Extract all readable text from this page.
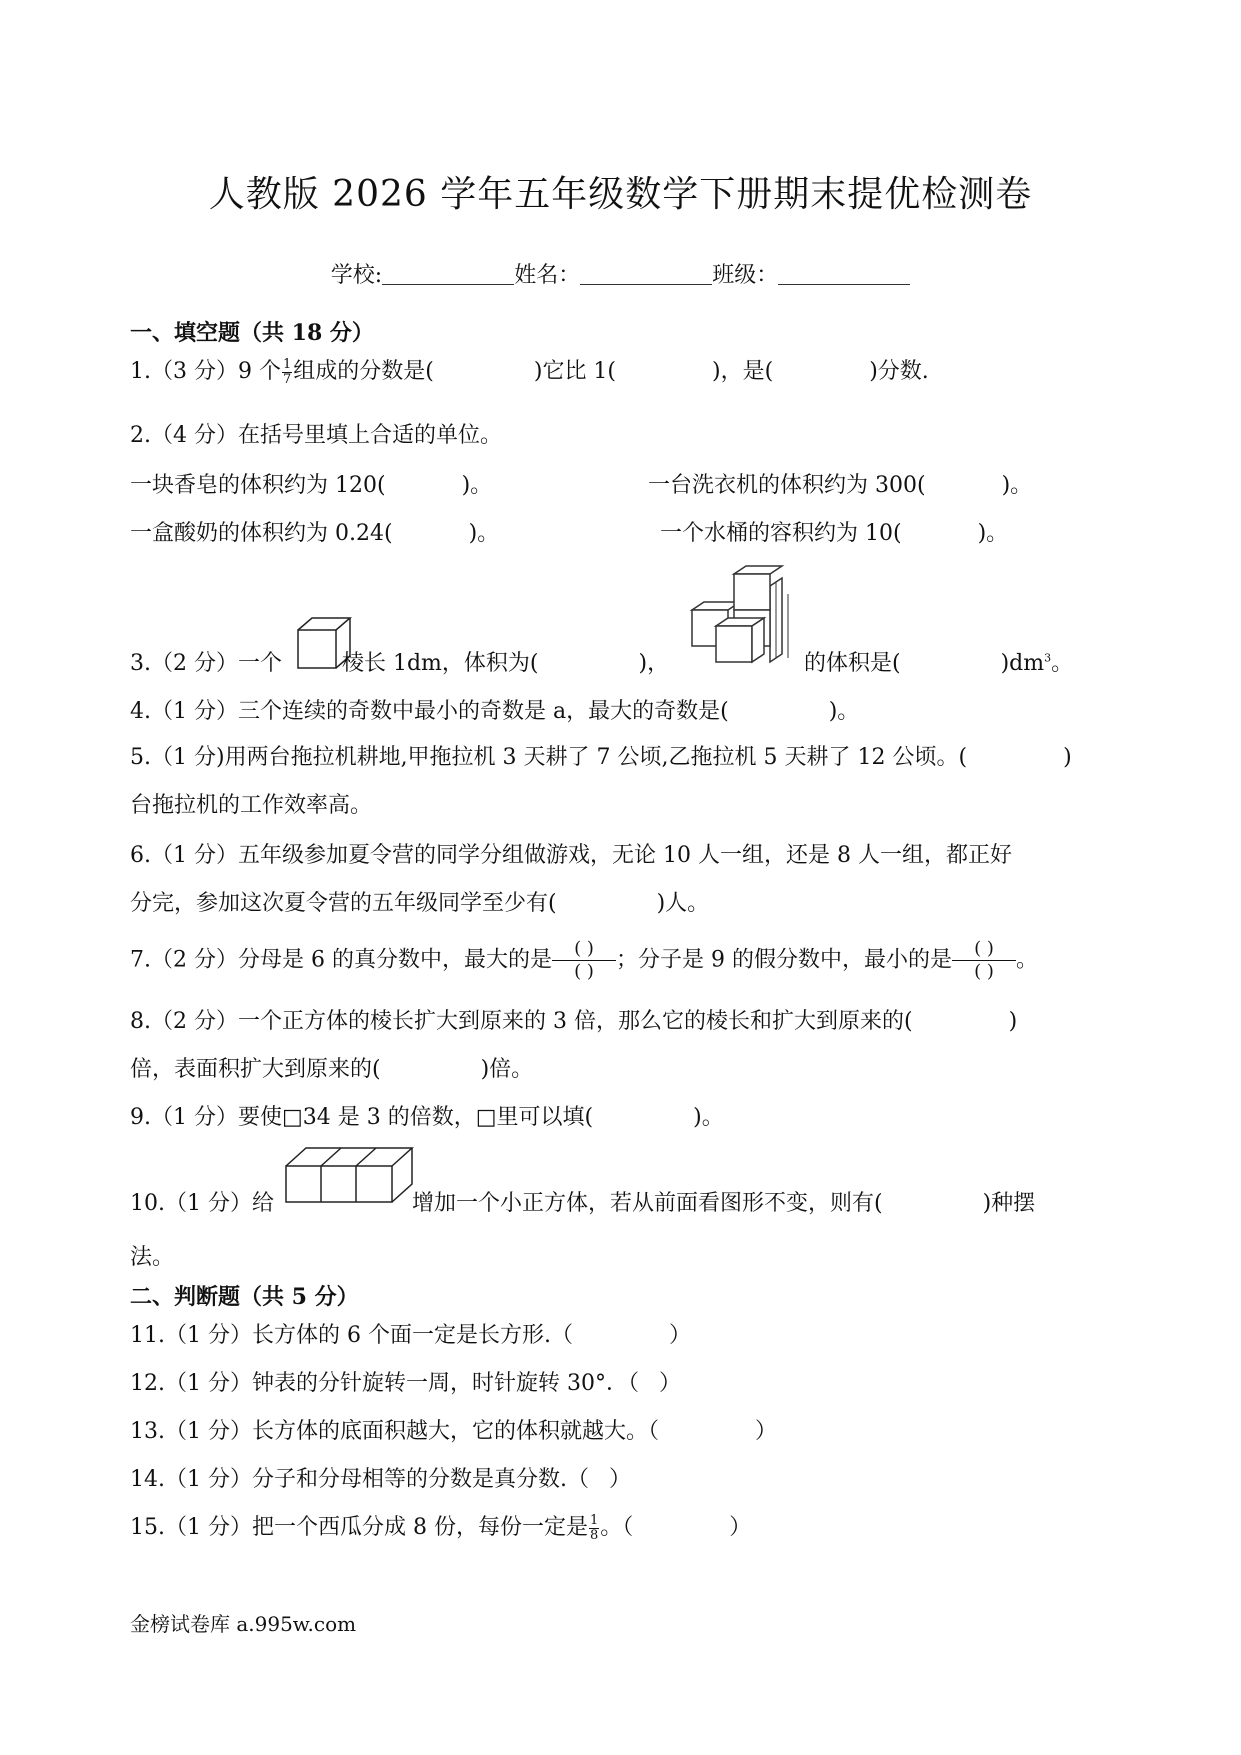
人教版 2026 学年五年级数学下册期末提优检测卷
学校:	姓名：	班级：
一、填空题（共 18 分）
1.（3 分）9 个 $\frac{1}{7}$ 组成的分数是(	)它比 1(	)，是(	)分数.
2.（4 分）在括号里填上合适的单位。
一块香皂的体积约为 120(	)。	一台洗衣机的体积约为 300(	)。
一盒酸奶的体积约为 0.24(	)。	一个水桶的容积约为 10(	)。
3.（2 分）一个	棱长 1dm，体积为(	)，	的体积是(	)$dm^3$。
4.（1 分）三个连续的奇数中最小的奇数是 a，最大的奇数是(	)。
5.（1 分)用两台拖拉机耕地,甲拖拉机 3 天耕了 7 公顷,乙拖拉机 5 天耕了 12 公顷。(	)
台拖拉机的工作效率高。
6.（1 分）五年级参加夏令营的同学分组做游戏，无论 10 人一组，还是 8 人一组，都正好
分完，参加这次夏令营的五年级同学至少有(	)人。
7.（2 分）分母是 6 的真分数中，最大的是 $\frac{( )}{( )}$ ；分子是 9 的假分数中，最小的是 $\frac{( )}{( )}$ 。
8.（2 分）一个正方体的棱长扩大到原来的 3 倍，那么它的棱长和扩大到原来的(	)
倍，表面积扩大到原来的(	)倍。
9.（1 分）要使□34 是 3 的倍数，□里可以填(	)。
10.（1 分）给	增加一个小正方体，若从前面看图形不变，则有(	)种摆
法。
二、判断题（共 5 分）
11.（1 分）长方体的 6 个面一定是长方形.（	）
12.（1 分）钟表的分针旋转一周，时针旋转 30°．（ ）
13.（1 分）长方体的底面积越大，它的体积就越大。（	）
14.（1 分）分子和分母相等的分数是真分数.（ ）
15.（1 分）把一个西瓜分成 8 份，每份一定是 $\frac{1}{8}$ 。（	）
金榜试卷库 a.995w.com
